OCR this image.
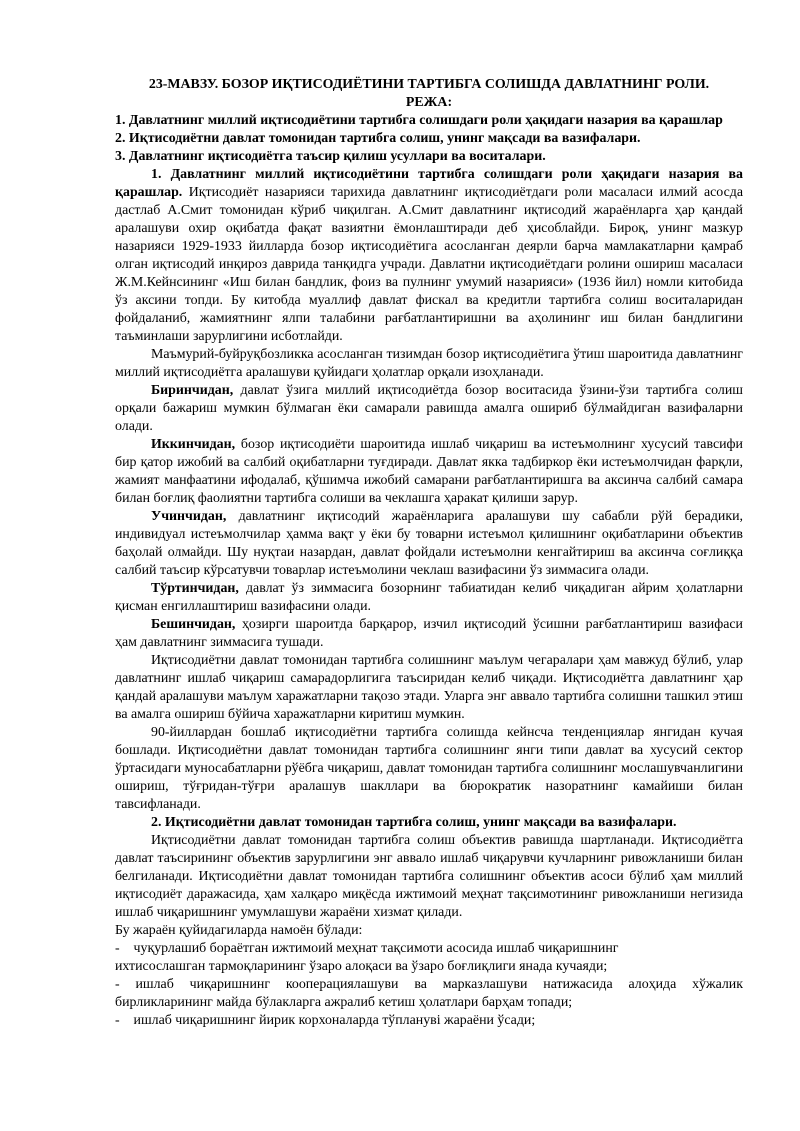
23-МАВЗУ. БОЗОР ИҚТИСОДИЁТИНИ ТАРТИБГА СОЛИШДА ДАВЛАТНИНГ РОЛИ.

РЕЖА:

1. Давлатнинг миллий иқтисодиётини тартибга солишдаги роли ҳақидаги назария ва қарашлар

2. Иқтисодиётни давлат томонидан тартибга солиш, унинг мақсади ва вазифалари.

3. Давлатнинг иқтисодиётга таъсир қилиш усуллари ва воситалари.

1. Давлатнинг миллий иқтисодиётини тартибга солишдаги роли ҳақидаги назария ва қарашлар. Иқтисодиёт назарияси тарихида давлатнинг иқтисодиётдаги роли масаласи илмий асосда дастлаб А.Смит томонидан кўриб чиқилган. А.Смит давлатнинг иқтисодий жараёнларга ҳар қандай аралашуви охир оқибатда фақат вазиятни ёмонлаштиради деб ҳисоблайди. Бироқ, унинг мазкур назарияси 1929-1933 йилларда бозор иқтисодиётига асосланган деярли барча мамлакатларни қамраб олган иқтисодий инқироз даврида танқидга учради. Давлатни иқтисодиётдаги ролини ошириш масаласи Ж.М.Кейнсининг «Иш билан бандлик, фоиз ва пулнинг умумий назарияси» (1936 йил) номли китобида ўз аксини топди. Бу китобда муаллиф давлат фискал ва кредитли тартибга солиш воситаларидан фойдаланиб, жамиятнинг ялпи талабини рағбатлантиришни ва аҳолининг иш билан бандлигини таъминлаши зарурлигини исботлайди.

Маъмурий-буйруқбозликка асосланган тизимдан бозор иқтисодиётига ўтиш шароитида давлатнинг миллий иқтисодиётга аралашуви қуйидаги ҳолатлар орқали изоҳланади.

Биринчидан, давлат ўзига миллий иқтисодиётда бозор воситасида ўзини-ўзи тартибга солиш орқали бажариш мумкин бўлмаган ёки самарали равишда амалга ошириб бўлмайдиган вазифаларни олади.

Иккинчидан, бозор иқтисодиёти шароитида ишлаб чиқариш ва истеъмолнинг хусусий тавсифи бир қатор ижобий ва салбий оқибатларни туғдиради. Давлат якка тадбиркор ёки истеъмолчидан фарқли, жамият манфаатини ифодалаб, қўшимча ижобий самарани рағбатлантиришга ва аксинча салбий самара билан боғлиқ фаолиятни тартибга солиши ва чеклашга ҳаракат қилиши зарур.

Учинчидан, давлатнинг иқтисодий жараёнларига аралашуви шу сабабли рўй берадики, индивидуал истеъмолчилар ҳамма вақт у ёки бу товарни истеъмол қилишнинг оқибатларини объектив баҳолай олмайди. Шу нуқтаи назардан, давлат фойдали истеъмолни кенгайтириш ва аксинча соғлиққа салбий таъсир кўрсатувчи товарлар истеъмолини чеклаш вазифасини ўз зиммасига олади.

Тўртинчидан, давлат ўз зиммасига бозорнинг табиатидан келиб чиқадиган айрим ҳолатларни қисман енгиллаштириш вазифасини олади.

Бешинчидан, ҳозирги шароитда барқарор, изчил иқтисодий ўсишни рағбатлантириш вазифаси ҳам давлатнинг зиммасига тушади.

Иқтисодиётни давлат томонидан тартибга солишнинг маълум чегаралари ҳам мавжуд бўлиб, улар давлатнинг ишлаб чиқариш самарадорлигига таъсиридан келиб чиқади. Иқтисодиётга давлатнинг ҳар қандай аралашуви маълум харажатларни тақозо этади. Уларга энг аввало тартибга солишни ташкил этиш ва амалга ошириш бўйича харажатларни киритиш мумкин.

90-йиллардан бошлаб иқтисодиётни тартибга солишда кейнсча тенденциялар янгидан кучая бошлади. Иқтисодиётни давлат томонидан тартибга солишнинг янги типи давлат ва хусусий сектор ўртасидаги муносабатларни рўёбга чиқариш, давлат томонидан тартибга солишнинг мослашувчанлигини ошириш, тўғридан-тўғри аралашув шакллари ва бюрократик назоратнинг камайиши билан тавсифланади.

2. Иқтисодиётни давлат томонидан тартибга солиш, унинг мақсади ва вазифалари.

Иқтисодиётни давлат томонидан тартибга солиш объектив равишда шартланади. Иқтисодиётга давлат таъсирининг объектив зарурлигини энг аввало ишлаб чиқарувчи кучларнинг ривожланиши билан белгиланади. Иқтисодиётни давлат томонидан тартибга солишнинг объектив асоси бўлиб ҳам миллий иқтисодиёт даражасида, ҳам халқаро миқёсда ижтимоий меҳнат тақсимотининг ривожланиши негизида ишлаб чиқаришнинг умумлашуви жараёни хизмат қилади.

Бу жараён қуйидагиларда намоён бўлади:

-    чуқурлашиб бораётган ижтимоий меҳнат тақсимоти асосида ишлаб чиқаришнинг

ихтисослашган тармоқларининг ўзаро алоқаси ва ўзаро боғлиқлиги янада кучаяди;

- ишлаб чиқаришнинг кооперациялашуви ва марказлашуви натижасида алоҳида хўжалик бирликларининг майда бўлакларга ажралиб кетиш ҳолатлари барҳам топади;

-    ишлаб чиқаришнинг йирик корхоналарда тўпланувi жараёни ўсади;
